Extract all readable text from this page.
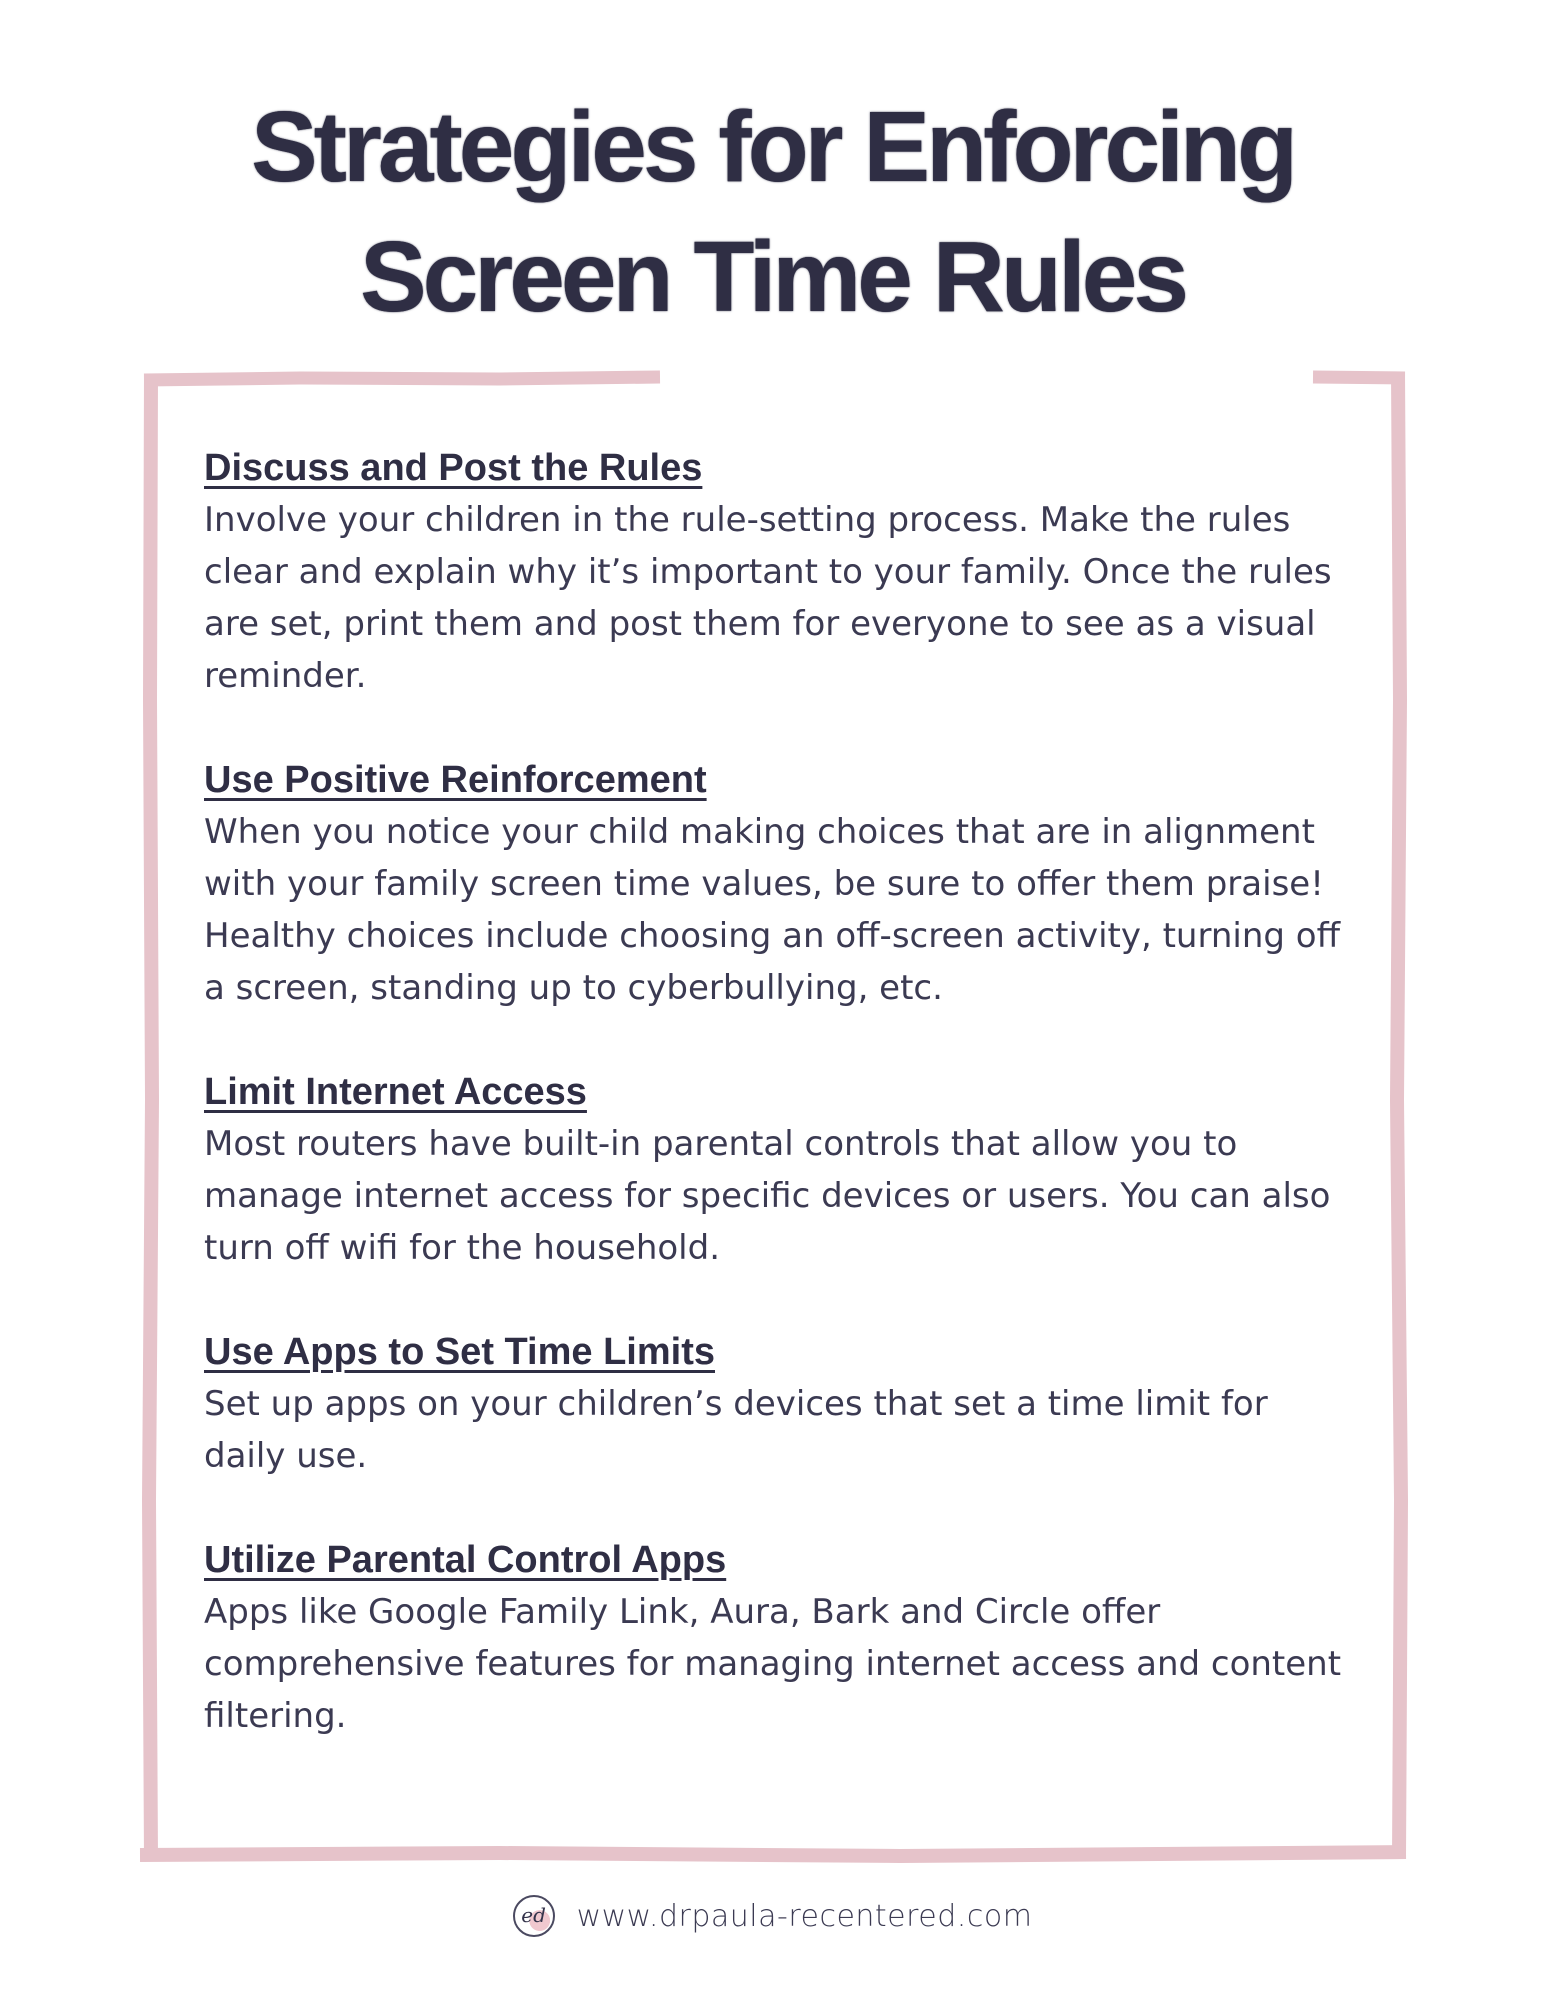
Strategies for Enforcing
Screen Time Rules
Discuss and Post the Rules

Involve your children in the rule-setting process. Make the rules clear and explain why it’s important to your family. Once the rules are set, print them and post them for everyone to see as a visual reminder.

Use Positive Reinforcement

When you notice your child making choices that are in alignment with your family screen time values, be sure to offer them praise! Healthy choices include choosing an off-screen activity, turning off a screen, standing up to cyberbullying, etc.

Limit Internet Access

Most routers have built-in parental controls that allow you to manage internet access for specific devices or users. You can also turn off wifi for the household.

Use Apps to Set Time Limits

Set up apps on your children’s devices that set a time limit for daily use.

Utilize Parental Control Apps

Apps like Google Family Link, Aura, Bark and Circle offer comprehensive features for managing internet access and content filtering.

ed www.drpaula-recentered.com
